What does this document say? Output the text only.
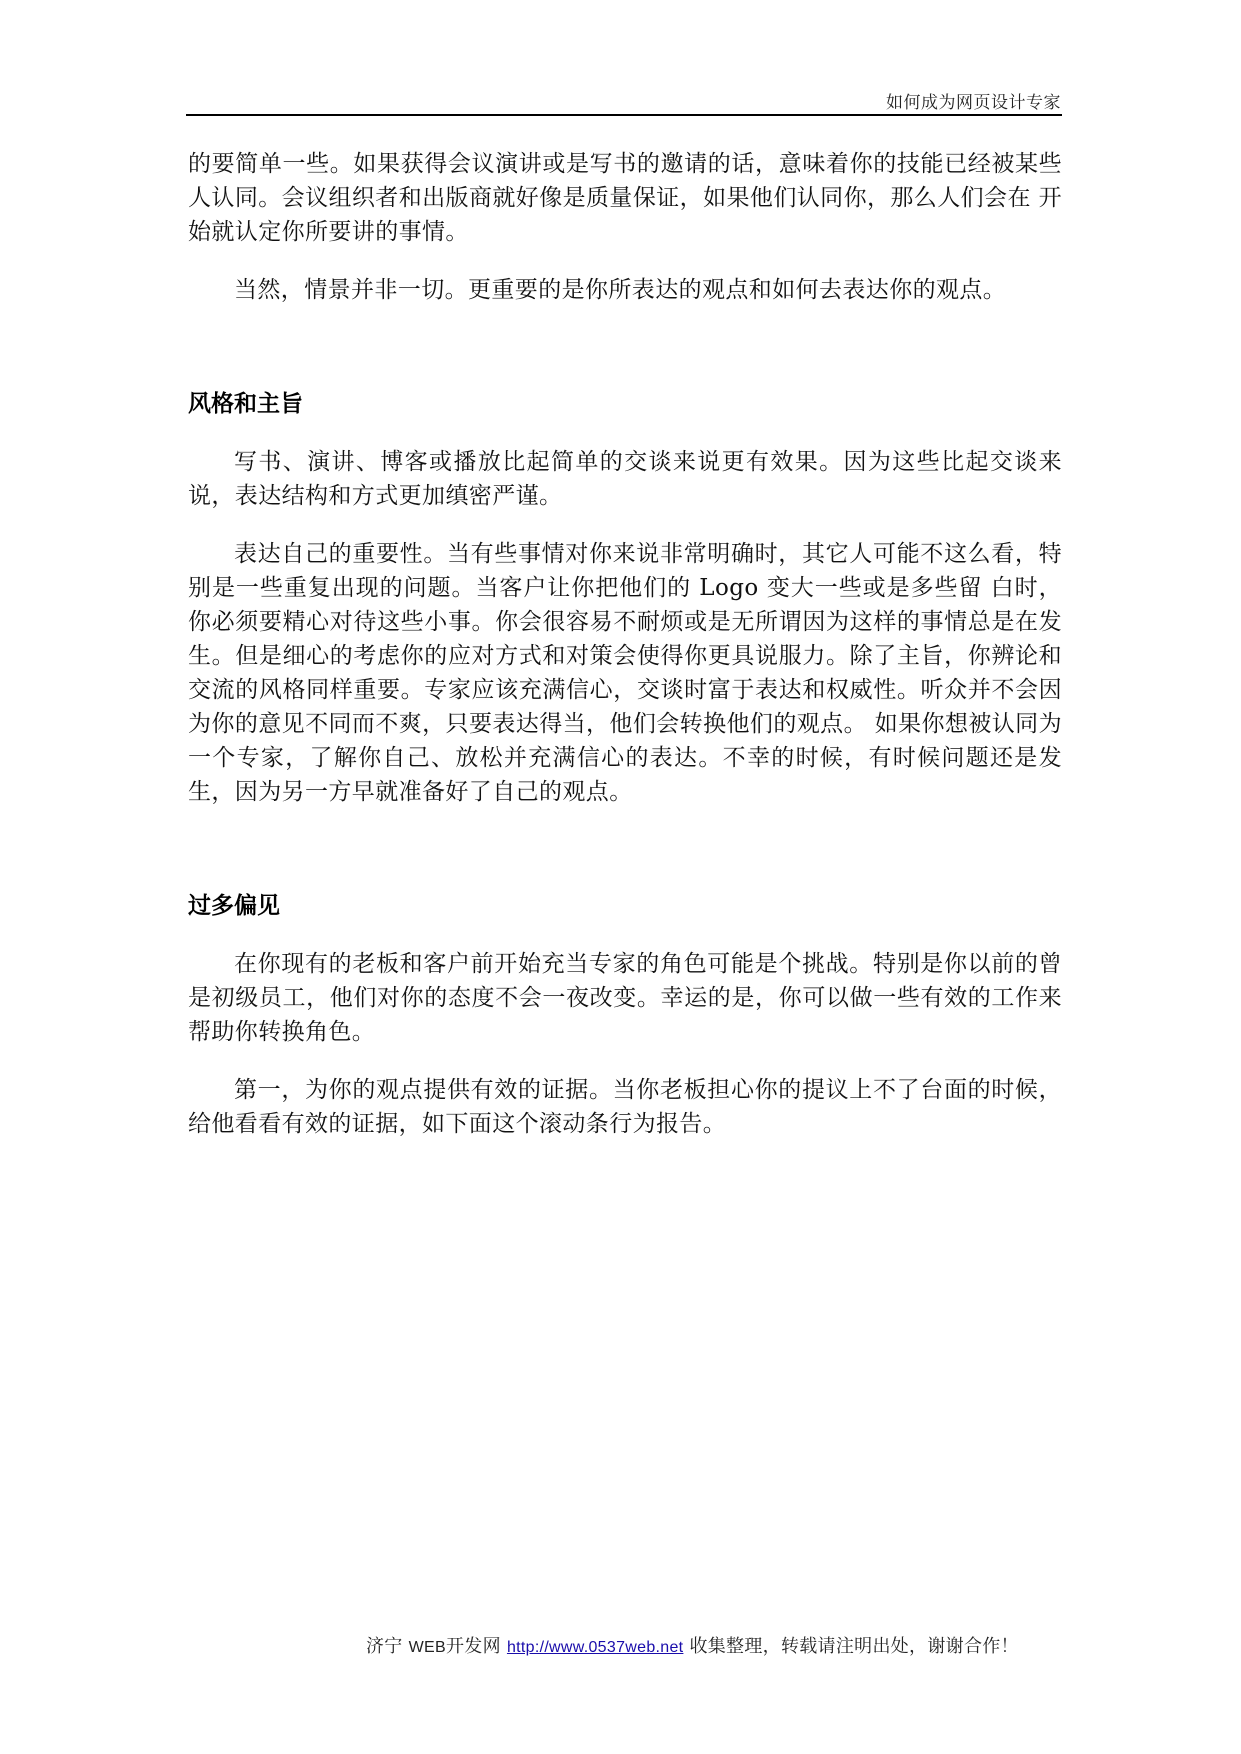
如何成为网页设计专家

的要简单一些。如果获得会议演讲或是写书的邀请的话，意味着你的技能已经被某些人认同。会议组织者和出版商就好像是质量保证，如果他们认同你，那么人们会在 开始就认定你所要讲的事情。

当然，情景并非一切。更重要的是你所表达的观点和如何去表达你的观点。

风格和主旨

写书、演讲、博客或播放比起简单的交谈来说更有效果。因为这些比起交谈来说，表达结构和方式更加缜密严谨。

表达自己的重要性。当有些事情对你来说非常明确时，其它人可能不这么看，特别是一些重复出现的问题。当客户让你把他们的 Logo 变大一些或是多些留 白时，你必须要精心对待这些小事。你会很容易不耐烦或是无所谓因为这样的事情总是在发生。但是细心的考虑你的应对方式和对策会使得你更具说服力。除了主旨，你辨论和交流的风格同样重要。专家应该充满信心，交谈时富于表达和权威性。听众并不会因为你的意见不同而不爽，只要表达得当，他们会转换他们的观点。 如果你想被认同为一个专家，了解你自己、放松并充满信心的表达。不幸的时候，有时候问题还是发生，因为另一方早就准备好了自己的观点。

过多偏见

在你现有的老板和客户前开始充当专家的角色可能是个挑战。特别是你以前的曾是初级员工，他们对你的态度不会一夜改变。幸运的是，你可以做一些有效的工作来帮助你转换角色。

第一，为你的观点提供有效的证据。当你老板担心你的提议上不了台面的时候，给他看看有效的证据，如下面这个滚动条行为报告。

济宁 WEB开发网 http://www.0537web.net 收集整理，转载请注明出处，谢谢合作！
